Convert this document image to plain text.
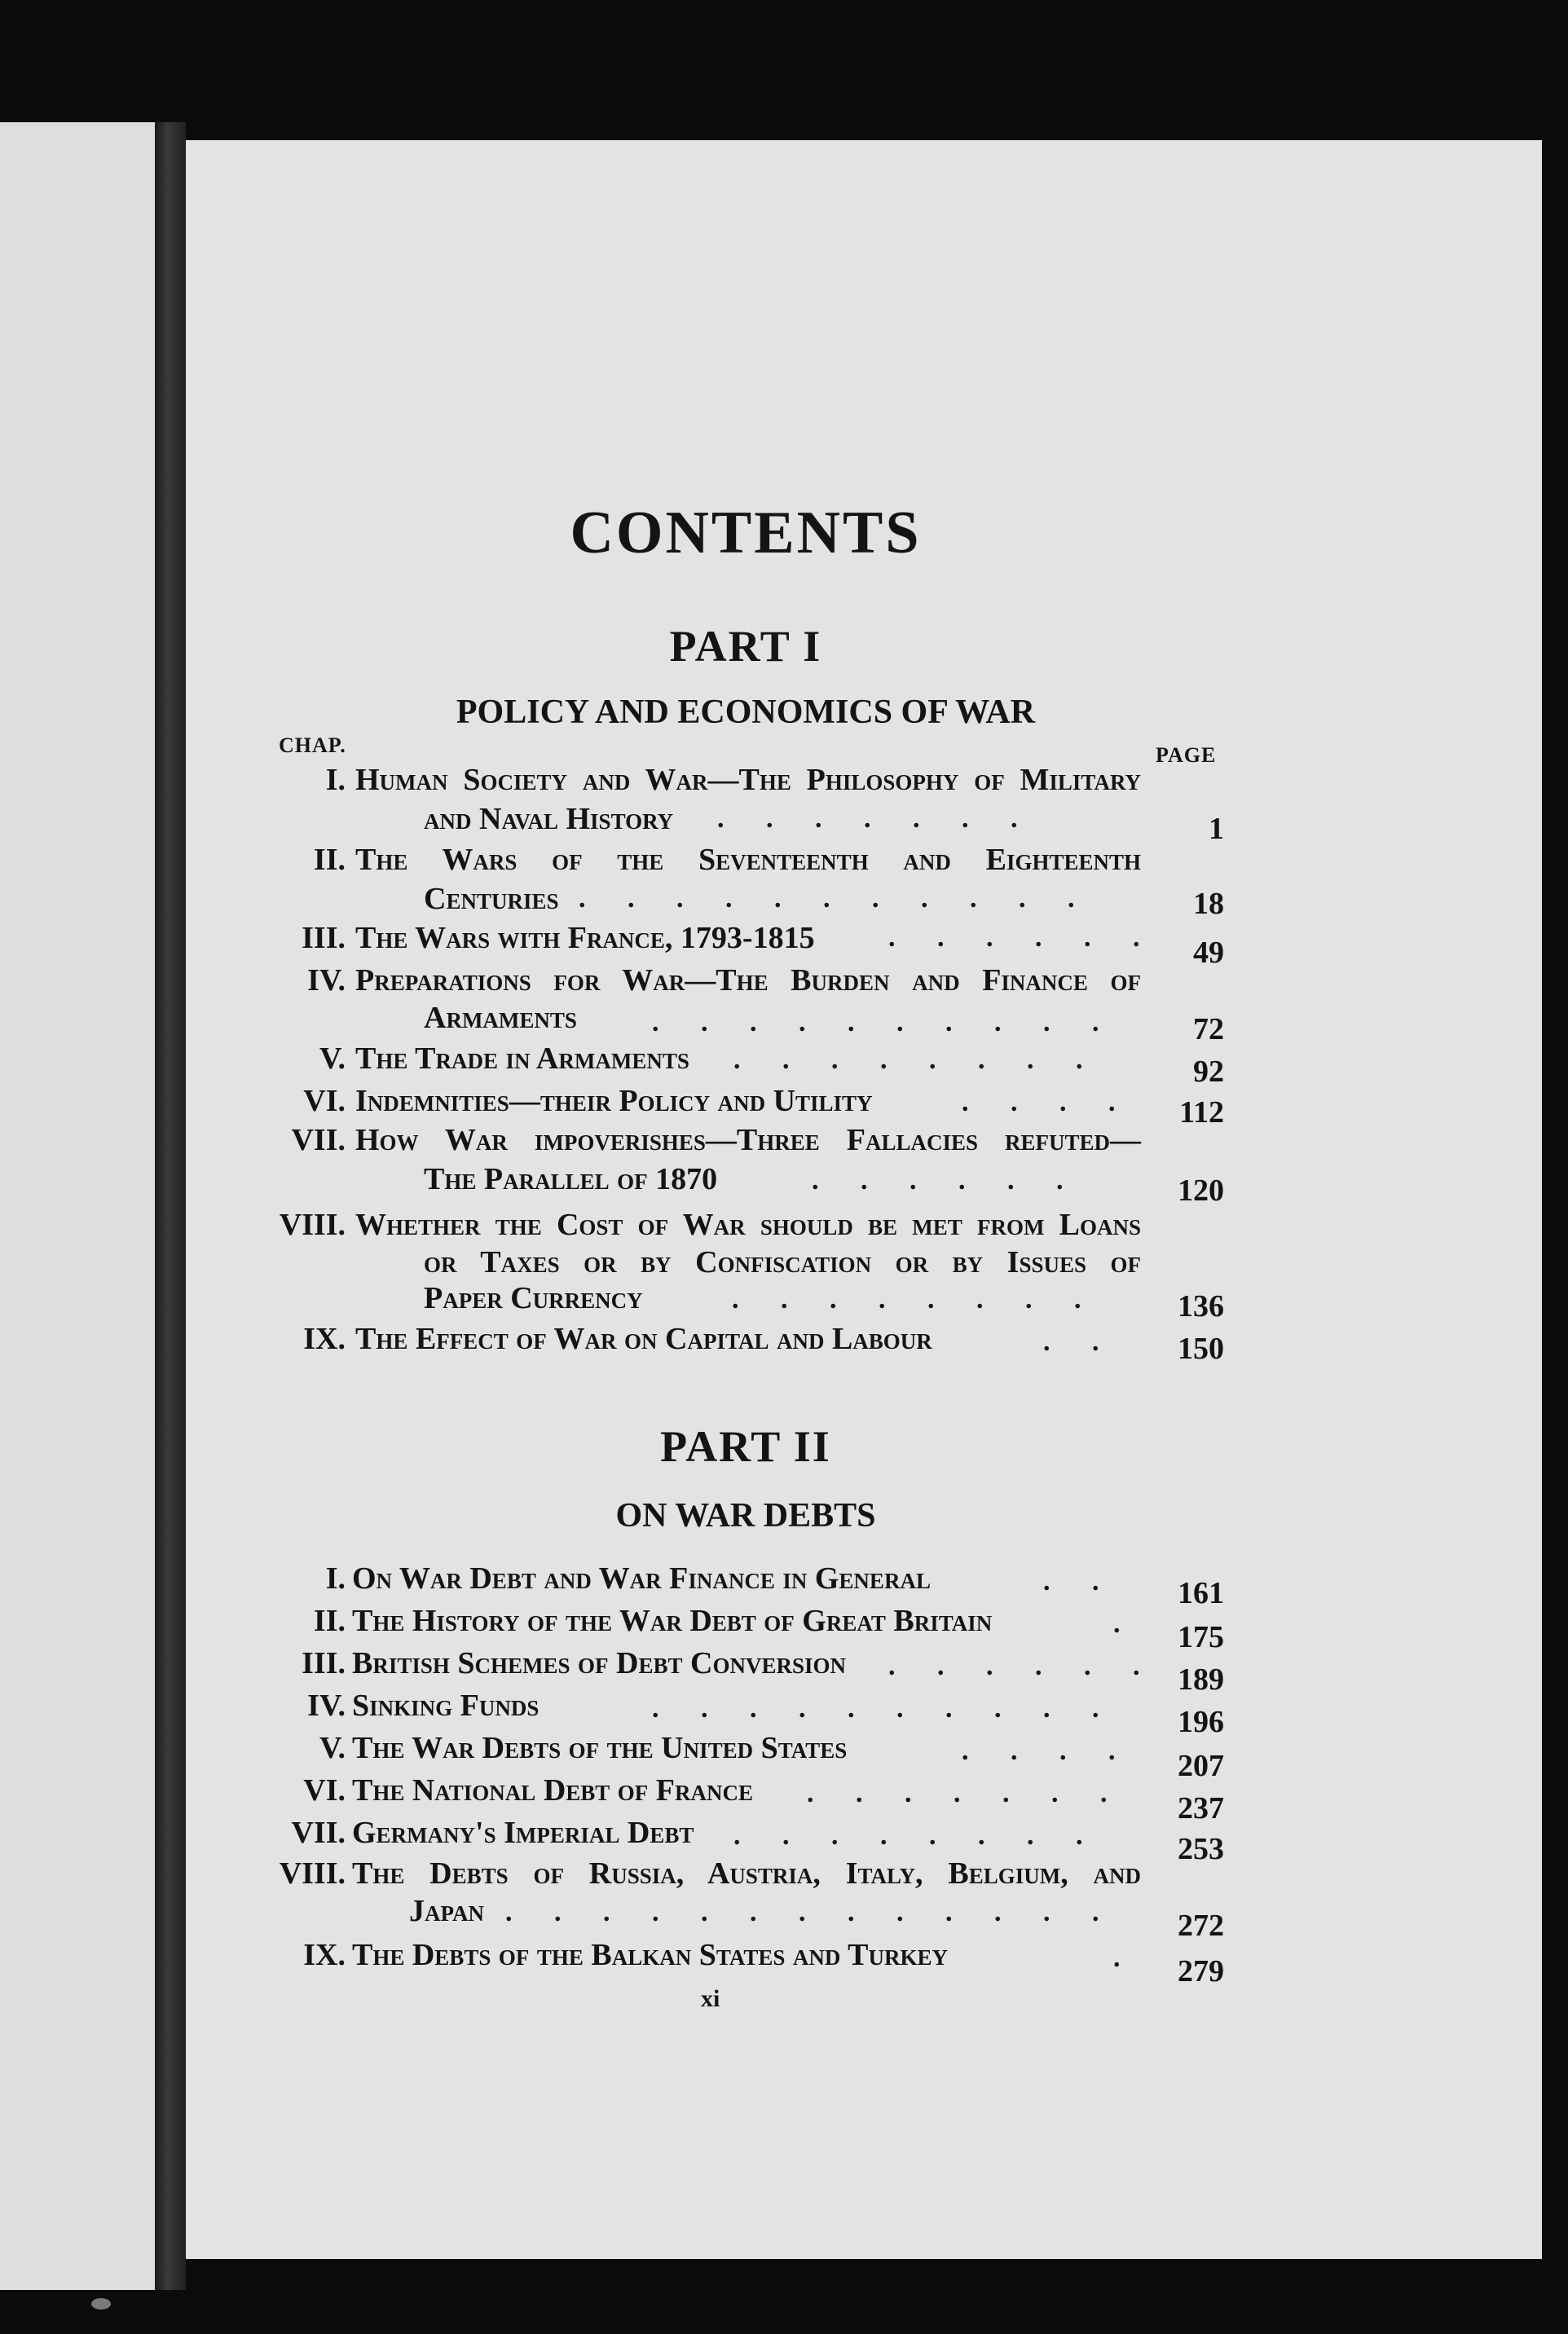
CONTENTS
PART I
POLICY AND ECONOMICS OF WAR
CHAP.	PAGE
I. Human Society and War—The Philosophy of Military
and Naval History . . . . . . .	1
II. The Wars of the Seventeenth and Eighteenth
Centuries . . . . . . . . . . .	18
III. The Wars with France, 1793-1815	. . . . . .	49
IV. Preparations for War—The Burden and Finance of
Armaments	. . . . . . . . . .	72
V. The Trade in Armaments . . . . . . . .	92
VI. Indemnities—their Policy and Utility	. . . .	112
VII. How War impoverishes—Three Fallacies refuted—
The Parallel of 1870	. . . . . .	120
VIII. Whether the Cost of War should be met from Loans
or Taxes or by Confiscation or by Issues of
Paper Currency	. . . . . . . .	136
IX. The Effect of War on Capital and Labour	. .	150
PART II
ON WAR DEBTS
I. On War Debt and War Finance in General	. .	161
II. The History of the War Debt of Great Britain	.	175
III. British Schemes of Debt Conversion . . . . . .	189
IV. Sinking Funds	. . . . . . . . . .	196
V. The War Debts of the United States	. . . .	207
VI. The National Debt of France . . . . . . .	237
VII. Germany's Imperial Debt . . . . . . . .	253
VIII. The Debts of Russia, Austria, Italy, Belgium, and
Japan . . . . . . . . . . . . .	272
IX. The Debts of the Balkan States and Turkey	.	279
xi
